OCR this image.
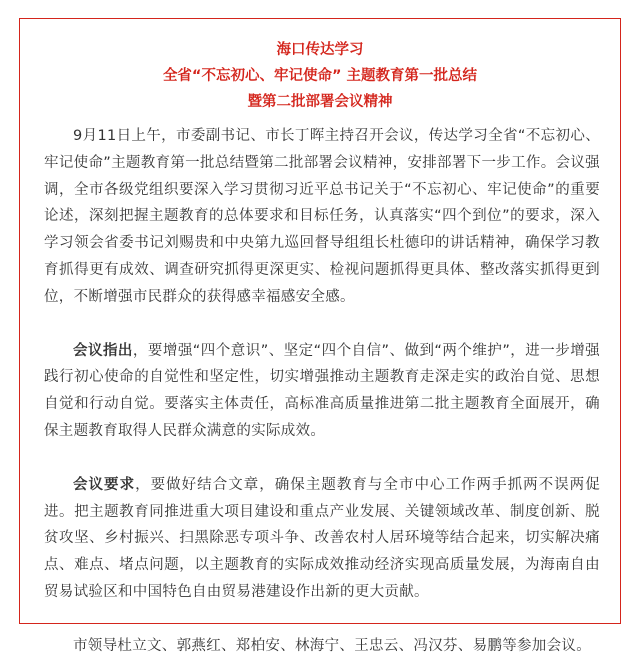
海口传达学习
全省“不忘初心、牢记使命” 主题教育第一批总结
暨第二批部署会议精神

9月11日上午，市委副书记、市长丁晖主持召开会议，传达学习全省“不忘初心、牢记使命”主题教育第一批总结暨第二批部署会议精神，安排部署下一步工作。会议强调，全市各级党组织要深入学习贯彻习近平总书记关于“不忘初心、牢记使命”的重要论述，深刻把握主题教育的总体要求和目标任务，认真落实“四个到位”的要求，深入学习领会省委书记刘赐贵和中央第九巡回督导组组长杜德印的讲话精神，确保学习教育抓得更有成效、调查研究抓得更深更实、检视问题抓得更具体、整改落实抓得更到位，不断增强市民群众的获得感幸福感安全感。

会议指出，要增强“四个意识”、坚定“四个自信”、做到“两个维护”，进一步增强践行初心使命的自觉性和坚定性，切实增强推动主题教育走深走实的政治自觉、思想自觉和行动自觉。要落实主体责任，高标准高质量推进第二批主题教育全面展开，确保主题教育取得人民群众满意的实际成效。

会议要求，要做好结合文章，确保主题教育与全市中心工作两手抓两不误两促进。把主题教育同推进重大项目建设和重点产业发展、关键领域改革、制度创新、脱贫攻坚、乡村振兴、扫黑除恶专项斗争、改善农村人居环境等结合起来，切实解决痛点、难点、堵点问题，以主题教育的实际成效推动经济实现高质量发展，为海南自由贸易试验区和中国特色自由贸易港建设作出新的更大贡献。

市领导杜立文、郭燕红、郑柏安、林海宁、王忠云、冯汉芬、易鹏等参加会议。
